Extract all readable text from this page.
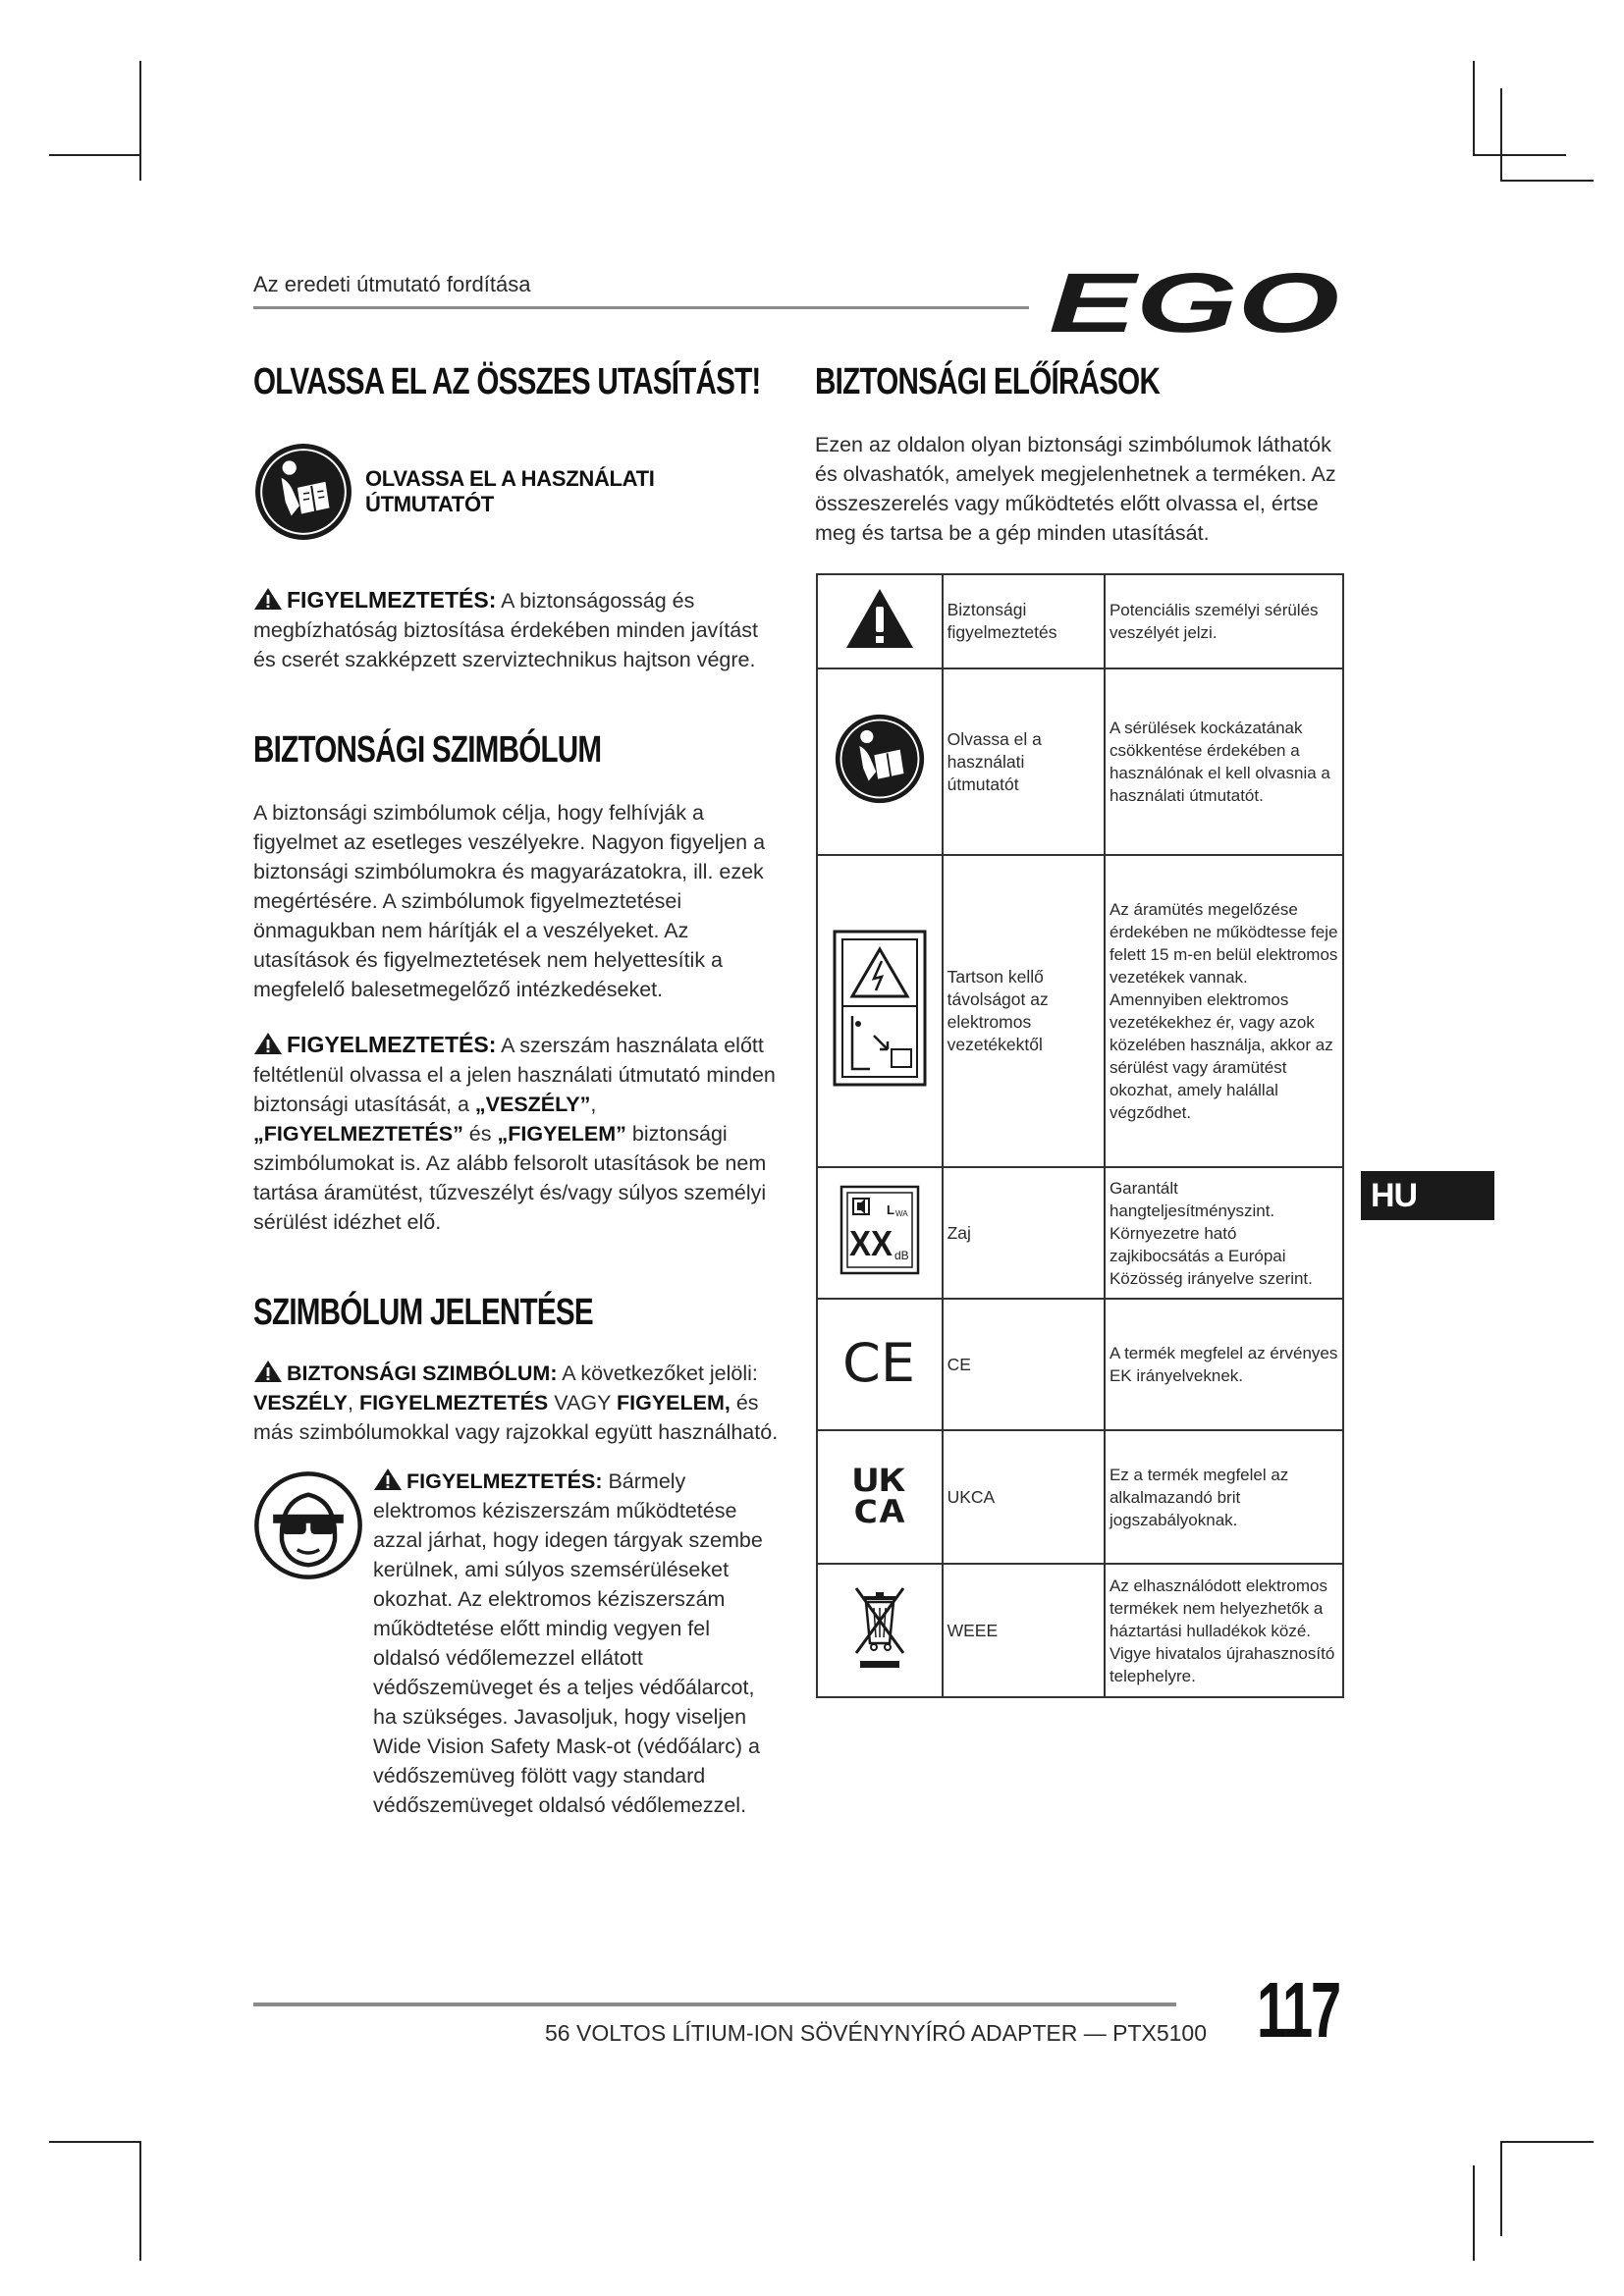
Az eredeti útmutató fordítása	EGO
OLVASSA EL AZ ÖSSZES UTASÍTÁST!
OLVASSA EL A HASZNÁLATI ÚTMUTATÓT

FIGYELMEZTETÉS: A biztonságosság és megbízhatóság biztosítása érdekében minden javítást és cserét szakképzett szerviztechnikus hajtson végre.

BIZTONSÁGI SZIMBÓLUM

A biztonsági szimbólumok célja, hogy felhívják a figyelmet az esetleges veszélyekre. Nagyon figyeljen a biztonsági szimbólumokra és magyarázatokra, ill. ezek megértésére. A szimbólumok figyelmeztetései önmagukban nem hárítják el a veszélyeket. Az utasítások és figyelmeztetések nem helyettesítik a megfelelő balesetmegelőző intézkedéseket.

FIGYELMEZTETÉS: A szerszám használata előtt feltétlenül olvassa el a jelen használati útmutató minden biztonsági utasítását, a „VESZÉLY”, „FIGYELMEZTETÉS” és „FIGYELEM” biztonsági szimbólumokat is. Az alább felsorolt utasítások be nem tartása áramütést, tűzveszélyt és/vagy súlyos személyi sérülést idézhet elő.

SZIMBÓLUM JELENTÉSE

BIZTONSÁGI SZIMBÓLUM: A következőket jelöli: VESZÉLY, FIGYELMEZTETÉS VAGY FIGYELEM, és más szimbólumokkal vagy rajzokkal együtt használható.

FIGYELMEZTETÉS: Bármely elektromos kéziszerszám működtetése azzal járhat, hogy idegen tárgyak szembe kerülnek, ami súlyos szemsérüléseket okozhat. Az elektromos kéziszerszám működtetése előtt mindig vegyen fel oldalsó védőlemezzel ellátott védőszemüveget és a teljes védőálarcot, ha szükséges. Javasoljuk, hogy viseljen Wide Vision Safety Mask-ot (védőálarc) a védőszemüveg fölött vagy standard védőszemüveget oldalsó védőlemezzel.

BIZTONSÁGI ELŐÍRÁSOK

Ezen az oldalon olyan biztonsági szimbólumok láthatók és olvashatók, amelyek megjelenhetnek a terméken. Az összeszerelés vagy működtetés előtt olvassa el, értse meg és tartsa be a gép minden utasítását.

	Biztonsági figyelmeztetés	Potenciális személyi sérülés veszélyét jelzi.
	Olvassa el a használati útmutatót	A sérülések kockázatának csökkentése érdekében a használónak el kell olvasnia a használati útmutatót.
	Tartson kellő távolságot az elektromos vezetékektől	Az áramütés megelőzése érdekében ne működtesse feje felett 15 m-en belül elektromos vezetékek vannak. Amennyiben elektromos vezetékekhez ér, vagy azok közelében használja, akkor az sérülést vagy áramütést okozhat, amely halállal végződhet.

L WA
XX dB	Zaj	Garantált hangteljesítményszint. Környezetre ható zajkibocsátás a Európai Közösség irányelve szerint.

CE	CE	A termék megfelel az érvényes EK irányelveknek.

UK
CA	UKCA	Ez a termék megfelel az alkalmazandó brit jogszabályoknak.
	WEEE	Az elhasználódott elektromos termékek nem helyezhetők a háztartási hulladékok közé. Vigye hivatalos újrahasznosító telephelyre.
HU
56 VOLTOS LÍTIUM-ION SÖVÉNYNYÍRÓ ADAPTER — PTX5100 117
